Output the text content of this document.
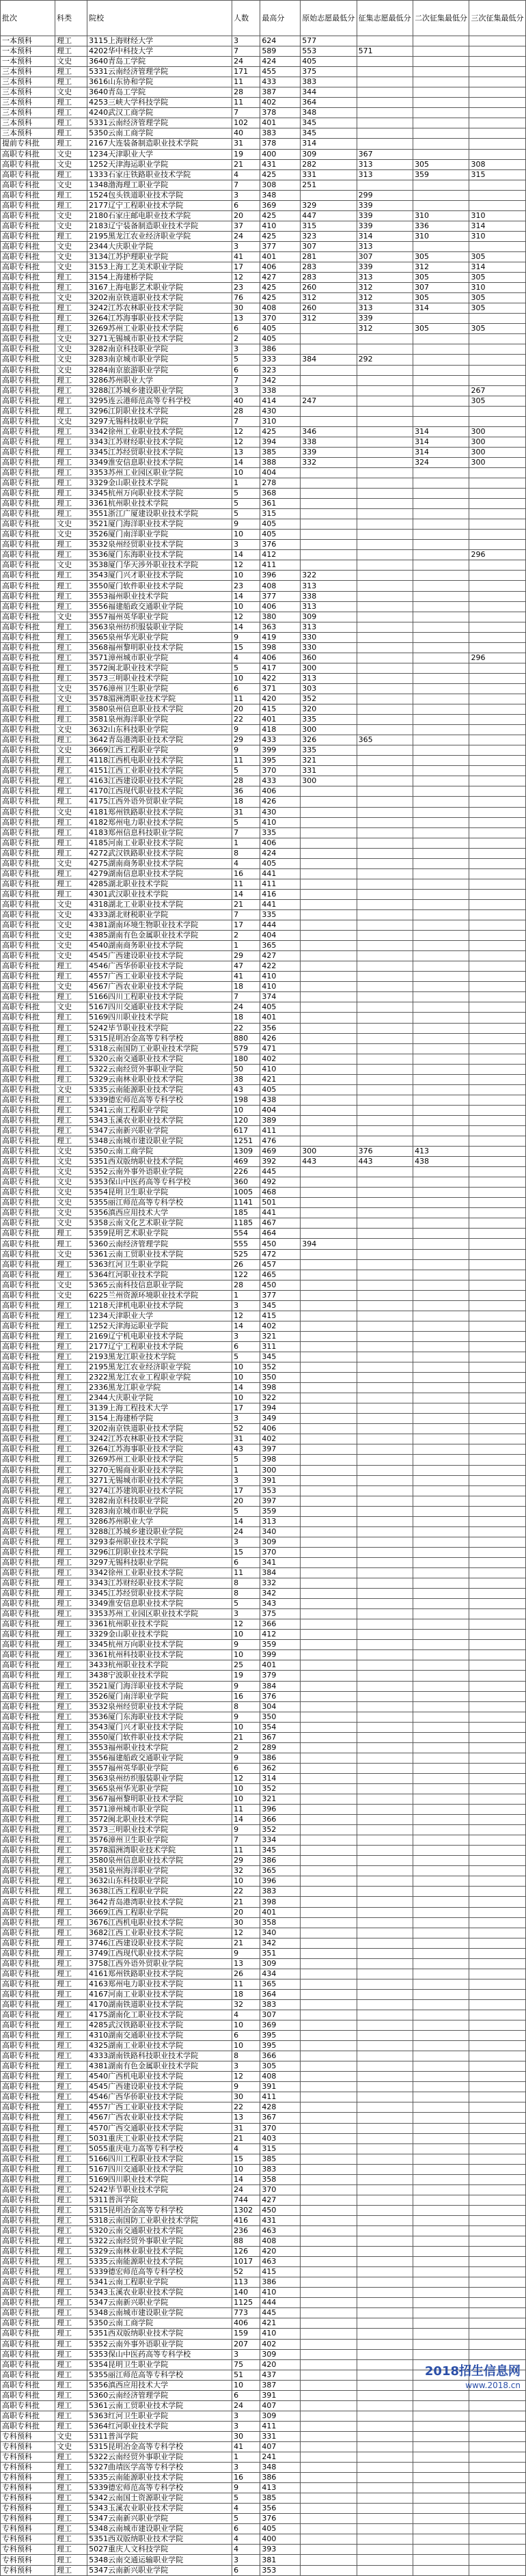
批次	科类	院校	人数	最高分	原始志愿最低分	征集志愿最低分	二次征集最低分	三次征集最低分
一本预科	理工	3115上海财经大学	3	624	577			
一本预科	理工	4202华中科技大学	7	589	553	571		
一本预科	文史	3640青岛工学院	24	424	405			
三本预科	理工	5331云南经济管理学院	171	455	375			
三本预科	理工	3616山东协和学院	11	433	383			
三本预科	文史	3640青岛工学院	28	387	344			
三本预科	理工	4253三峡大学科技学院	11	402	364			
三本预科	理工	4240武汉工商学院	7	378	348			
三本预科	理工	5331云南经济管理学院	102	401	345			
三本预科	理工	5350云南工商学院	40	383	345			
提前专科批	理工	2167大连装备制造职业技术学院	31	378	314			
高职专科批	文史	1234天津职业大学	19	400	309	367		
高职专科批	文史	1252天津海运职业学院	21	431	282	313	305	308
高职专科批	理工	1333石家庄铁路职业技术学院	4	425	331	313	359	315
高职专科批	文史	1348渤海理工职业学院	7	308	251			
高职专科批	理工	1524包头铁道职业技术学院	3	348		299		
高职专科批	理工	2177辽宁工程职业技术学院	6	369	329	339		
高职专科批	文史	2180石家庄邮电职业技术学院	20	425	447	339	310	310
高职专科批	文史	2183辽宁装备制造职业技术学院	37	410	315	339	336	314
高职专科批	理工	2195黑龙江农业经济职业学院	24	425	323	314	310	310
高职专科批	文史	2344大庆职业学院	3	377	307	313		
高职专科批	文史	3134江苏护理职业学院	41	401	281	307	305	305
高职专科批	文史	3153上海工艺美术职业学院	17	406	283	339	312	314
高职专科批	理工	3154上海建桥学院	12	427	283	313	305	305
高职专科批	理工	3167上海电影艺术职业学院	23	425	260	312	307	310
高职专科批	文史	3202南京铁道职业技术学院	76	425	312	312	305	305
高职专科批	理工	3242江苏农林职业技术学院	30	408	260	313	314	305
高职专科批	理工	3264江苏海事职业技术学院	13	370	312	339		
高职专科批	理工	3269苏州工业职业技术学院	6	405		312	305	305
高职专科批	文史	3271无锡城市职业技术学院	2	405				
高职专科批	文史	3282南京科技职业学院	3	386				
高职专科批	文史	3283南京城市职业学院	5	333	384	292		
高职专科批	文史	3284南京旅游职业学院	6	323				
高职专科批	理工	3286苏州职业大学	7	342				
高职专科批	理工	3288江苏城乡建设职业学院	3	338				267
高职专科批	理工	3295连云港师范高等专科学校	40	414	247			305
高职专科批	理工	3296江阴职业技术学院	28	430				
高职专科批	文史	3297无锡科技职业学院	7	310				
高职专科批	理工	3342徐州工业职业技术学院	12	425	346		314	300
高职专科批	理工	3343江苏财经职业技术学院	12	394	338		314	300
高职专科批	理工	3345江苏经贸职业技术学院	13	385	339		314	300
高职专科批	理工	3349淮安信息职业技术学院	14	388	332		324	300
高职专科批	理工	3353苏州工业园区职业学院	10	404				
高职专科批	理工	3329金山职业技术学院	1	278				
高职专科批	理工	3345杭州万向职业技术学院	5	368				
高职专科批	理工	3361杭州职业技术学院	5	361				
高职专科批	理工	3551浙江广厦建设职业技术学院	5	315				
高职专科批	文史	3521厦门海洋职业技术学院	9	405				
高职专科批	文史	3526厦门南洋职业学院	10	405				
高职专科批	理工	3532泉州经贸职业技术学院	3	376				
高职专科批	理工	3536厦门东海职业技术学院	14	412				296
高职专科批	文史	3538厦门华天涉外职业技术学院	12	411				
高职专科批	理工	3543厦门兴才职业技术学院	10	396	322			
高职专科批	理工	3550厦门软件职业技术学院	23	408	313			
高职专科批	理工	3553福州职业技术学院	14	377	338			
高职专科批	理工	3556福建船政交通职业学院	10	406	313			
高职专科批	文史	3557福州英华职业学院	12	380	309			
高职专科批	理工	3563泉州纺织服装职业学院	14	363	313			
高职专科批	理工	3565泉州华光职业学院	9	419	330			
高职专科批	理工	3568福州黎明职业技术学院	15	398	330			
高职专科批	理工	3571漳州城市职业学院	4	406	360			296
高职专科批	理工	3572闽北职业技术学院	5	417	300			
高职专科批	理工	3573三明职业技术学院	10	422	313			
高职专科批	文史	3576漳州卫生职业学院	6	371	303			
高职专科批	文史	3578湄洲湾职业技术学院	11	420	352			
高职专科批	理工	3580泉州信息职业技术学院	20	415	320			
高职专科批	理工	3581泉州海洋职业学院	22	401	335			
高职专科批	文史	3632山东科技职业学院	9	418	300			
高职专科批	理工	3642青岛港湾职业技术学院	29	433	326	365		
高职专科批	文史	3669江西工程职业学院	9	399	335			
高职专科批	理工	4118江西机电职业技术学院	11	395	321			
高职专科批	理工	4151江西工业职业技术学院	5	370	331			
高职专科批	理工	4163江西建设职业技术学院	28	433	300			
高职专科批	理工	4170江西现代职业技术学院	36	406				
高职专科批	理工	4175江西外语外贸职业学院	18	426				
高职专科批	文史	4181郑州铁路职业技术学院	31	430				
高职专科批	理工	4182郑州电力职业技术学院	5	410				
高职专科批	理工	4183郑州信息科技职业学院	7	335				
高职专科批	理工	4185河南工业职业技术学院	1	406				
高职专科批	理工	4272武汉铁路职业技术学院	8	424				
高职专科批	文史	4275湖南商务职业技术学院	4	405				
高职专科批	理工	4279湖南信息职业技术学院	16	441				
高职专科批	理工	4285湖北职业技术学院	11	411				
高职专科批	理工	4301武汉职业技术学院	14	416				
高职专科批	文史	4318湖北工业职业技术学院	21	441				
高职专科批	文史	4333湖北财税职业学院	7	335				
高职专科批	文史	4381湖南环境生物职业技术学院	17	444				
高职专科批	文史	4385湖南有色金属职业技术学院	2	404				
高职专科批	文史	4540湖南商务职业技术学院	1	365				
高职专科批	文史	4545广西建设职业技术学院	29	427				
高职专科批	理工	4546广西华侨职业技术学院	47	422				
高职专科批	理工	4557广西工业职业技术学院	41	410				
高职专科批	文史	4567广西农业职业技术学院	18	410				
高职专科批	理工	5166四川工程职业技术学院	7	374				
高职专科批	文史	5167四川交通职业技术学院	24	405				
高职专科批	理工	5169四川职业技术学院	18	401				
高职专科批	理工	5242毕节职业技术学院	22	356				
高职专科批	理工	5315昆明冶金高等专科学校	880	426				
高职专科批	理工	5318云南国防工业职业技术学院	579	471				
高职专科批	理工	5320云南交通职业技术学院	180	402				
高职专科批	理工	5322云南经贸外事职业学院	50	410				
高职专科批	理工	5329云南林业职业技术学院	38	421				
高职专科批	文史	5335云南能源职业技术学院	43	405				
高职专科批	理工	5339德宏师范高等专科学校	198	438				
高职专科批	理工	5341云南工程职业学院	10	404				
高职专科批	理工	5343玉溪农业职业技术学院	120	389				
高职专科批	理工	5347云南新兴职业学院	617	411				
高职专科批	理工	5348云南城市建设职业学院	1251	476				
高职专科批	文史	5350云南工商学院	1309	469	300	376	413	
高职专科批	文史	5351西双版纳职业技术学院	469	392	443	443	438	
高职专科批	文史	5352云南外事外语职业学院	226	445				
高职专科批	文史	5353保山中医药高等专科学校	360	492				
高职专科批	文史	5354昆明卫生职业学院	1005	468				
高职专科批	文史	5355丽江师范高等专科学校	1141	501				
高职专科批	文史	5356滇西应用技术大学	185	441				
高职专科批	文史	5358云南文化艺术职业学院	1185	467				
高职专科批	理工	5359昆明艺术职业学院	554	464				
高职专科批	理工	5360云南经济管理学院	555	450	394			
高职专科批	文史	5361云南工贸职业技术学院	525	472				
高职专科批	理工	5363红河卫生职业学院	26	457				
高职专科批	理工	5364红河职业技术学院	122	465				
高职专科批	文史	5365云南科技信息职业学院	28	450				
高职专科批	文史	6225兰州资源环境职业技术学院	1	377				
高职专科批	理工	1218天津机电职业技术学院	3	345				
高职专科批	理工	1234天津职业大学	12	415				
高职专科批	理工	1252天津海运职业学院	14	402				
高职专科批	理工	2169辽宁机电职业技术学院	3	321				
高职专科批	理工	2177辽宁工程职业技术学院	6	311				
高职专科批	理工	2193黑龙江职业技术学院	5	345				
高职专科批	理工	2195黑龙江农业经济职业学院	10	352				
高职专科批	理工	2322黑龙江农业工程职业学院	10	350				
高职专科批	理工	2336黑龙江职业学院	14	398				
高职专科批	理工	2344大庆职业学院	10	322				
高职专科批	理工	3139上海工程技术大学	17	394				
高职专科批	理工	3154上海建桥学院	3	349				
高职专科批	理工	3202南京铁道职业技术学院	52	406				
高职专科批	理工	3242江苏农林职业技术学院	31	402				
高职专科批	理工	3264江苏海事职业技术学院	43	397				
高职专科批	理工	3269苏州工业职业技术学院	5	398				
高职专科批	理工	3270无锡商业职业技术学院	1	300				
高职专科批	理工	3271无锡城市职业技术学院	3	391				
高职专科批	理工	3274江苏建筑职业技术学院	17	353				
高职专科批	理工	3282南京科技职业学院	20	397				
高职专科批	理工	3283南京城市职业学院	5	359				
高职专科批	理工	3286苏州职业大学	14	313				
高职专科批	理工	3288江苏城乡建设职业学院	24	340				
高职专科批	理工	3293泰州职业技术学院	3	309				
高职专科批	理工	3296江阴职业技术学院	15	370				
高职专科批	理工	3297无锡科技职业学院	6	341				
高职专科批	理工	3342徐州工业职业技术学院	11	384				
高职专科批	理工	3343江苏财经职业技术学院	8	332				
高职专科批	理工	3345江苏经贸职业技术学院	8	342				
高职专科批	理工	3349淮安信息职业技术学院	5	343				
高职专科批	理工	3353苏州工业园区职业技术学院	3	375				
高职专科批	理工	3361杭州职业技术学院	12	366				
高职专科批	理工	3329金山职业技术学院	10	412				
高职专科批	理工	3345杭州万向职业技术学院	9	359				
高职专科批	理工	3361杭州科技职业技术学院	10	399				
高职专科批	理工	3433杭州职业技术学院	25	401				
高职专科批	理工	3438宁波职业技术学院	19	379				
高职专科批	理工	3521厦门海洋职业技术学院	9	384				
高职专科批	理工	3526厦门南洋职业学院	16	376				
高职专科批	理工	3532泉州经贸职业技术学院	8	304				
高职专科批	理工	3536厦门东海职业技术学院	9	350				
高职专科批	理工	3543厦门兴才职业技术学院	10	354				
高职专科批	理工	3550厦门软件职业技术学院	21	367				
高职专科批	理工	3553福州职业技术学院	2	289				
高职专科批	理工	3556福建船政交通职业学院	9	386				
高职专科批	理工	3557福州英华职业学院	6	362				
高职专科批	理工	3563泉州纺织服装职业学院	12	314				
高职专科批	理工	3565泉州华光职业学院	10	352				
高职专科批	理工	3567福州黎明职业技术学院	10	321				
高职专科批	理工	3571漳州城市职业学院	11	396				
高职专科批	理工	3572闽北职业技术学院	14	366				
高职专科批	理工	3573三明职业技术学院	9	352				
高职专科批	理工	3576漳州卫生职业学院	7	334				
高职专科批	理工	3578湄洲湾职业技术学院	11	345				
高职专科批	理工	3580泉州信息职业技术学院	29	386				
高职专科批	理工	3581泉州海洋职业学院	32	365				
高职专科批	理工	3632山东科技职业学院	10	396				
高职专科批	理工	3638江西工程职业学院	22	383				
高职专科批	理工	3642青岛港湾职业技术学院	21	398				
高职专科批	理工	3669江西工程职业学院	20	401				
高职专科批	理工	3676江西机电职业技术学院	30	358				
高职专科批	理工	3682江西工业职业技术学院	12	340				
高职专科批	理工	3746江西建设职业技术学院	21	342				
高职专科批	理工	3749江西现代职业技术学院	9	351				
高职专科批	理工	3758江西外语外贸职业学院	13	309				
高职专科批	理工	4161郑州铁路职业技术学院	26	434				
高职专科批	理工	4163郑州电力职业技术学院	11	365				
高职专科批	理工	4167河南工业职业技术学院	18	364				
高职专科批	理工	4170湖南铁道职业技术学院	32	383				
高职专科批	理工	4175湖南化工职业技术学院	4	307				
高职专科批	理工	4285武汉铁路职业技术学院	10	369				
高职专科批	理工	4310湖南交通职业技术学院	6	395				
高职专科批	理工	4325湖南工业职业技术学院	10	395				
高职专科批	理工	4333湖南铁路科技职业技术学院	8	366				
高职专科批	理工	4381湖南有色金属职业技术学院	3	305				
高职专科批	理工	4540广西机电职业技术学院	12	408				
高职专科批	理工	4545广西建设职业技术学院	9	391				
高职专科批	理工	4546广西华侨职业技术学院	30	411				
高职专科批	理工	4557广西工业职业技术学院	22	428				
高职专科批	理工	4567广西农业职业技术学院	13	367				
高职专科批	理工	4570广西交通职业技术学院	31	370				
高职专科批	理工	5031重庆工业职业技术学院	21	403				
高职专科批	理工	5055重庆电力高等专科学校	4	315				
高职专科批	理工	5166四川工程职业技术学院	15	385				
高职专科批	理工	5167四川交通职业技术学院	10	383				
高职专科批	理工	5169四川职业技术学院	14	358				
高职专科批	理工	5242毕节职业技术学院	24	370				
高职专科批	理工	5311普洱学院	744	427				
高职专科批	理工	5315昆明冶金高等专科学校	1302	450				
高职专科批	理工	5318云南国防工业职业技术学院	416	431				
高职专科批	理工	5320云南交通职业技术学院	236	463				
高职专科批	理工	5322云南经贸外事职业学院	88	408				
高职专科批	理工	5329云南林业职业技术学院	126	420				
高职专科批	理工	5335云南能源职业技术学院	1017	463				
高职专科批	理工	5339德宏师范高等专科学校	52	415				
高职专科批	理工	5341云南工程职业学院	113	386				
高职专科批	理工	5343玉溪农业职业技术学院	140	410				
高职专科批	理工	5347云南新兴职业学院	1125	444				
高职专科批	理工	5348云南城市建设职业学院	773	445				
高职专科批	理工	5350云南工商学院	406	421				
高职专科批	理工	5351西双版纳职业技术学院	159	410				
高职专科批	理工	5352云南外事外语职业学院	207	402				
高职专科批	理工	5353保山中医药高等专科学校	3	309				
高职专科批	理工	5354昆明卫生职业学院	75	420				
高职专科批	理工	5355丽江师范高等专科学校	51	437				
高职专科批	理工	5356滇西应用技术大学	10	387				
高职专科批	理工	5360云南经济管理学院	6	391				
高职专科批	理工	5361云南工贸职业技术学院	24	407				
高职专科批	理工	5363红河卫生职业学院	3	309				
高职专科批	理工	5364红河职业技术学院	3	411				
专科预科	文史	5311普洱学院	30	331				
专科预科	文史	5315昆明冶金高等专科学校	41	407				
专科预科	理工	5322云南经贸外事职业学院	1	241				
专科预科	理工	5327曲靖医学高等专科学校	3	348				
专科预科	理工	5335云南能源职业技术学院	16	386				
专科预科	理工	5339德宏师范高等专科学校	9	413				
专科预科	理工	5342云南国土资源职业学院	5	385				
专科预科	理工	5343玉溪农业职业技术学院	4	356				
专科预科	理工	5347云南新兴职业学院	5	376				
专科预科	理工	5348云南城市建设职业学院	6	405				
专科预科	理工	5351西双版纳职业技术学院	4	400				
专科预科	理工	5027重庆人文科技学院	4	393				
专科预科	理工	5348云南交通运输职业学院	3	381				
专科预科	理工	5347云南新兴职业学院	6	353				
2018招生信息网
www.2018.cn
